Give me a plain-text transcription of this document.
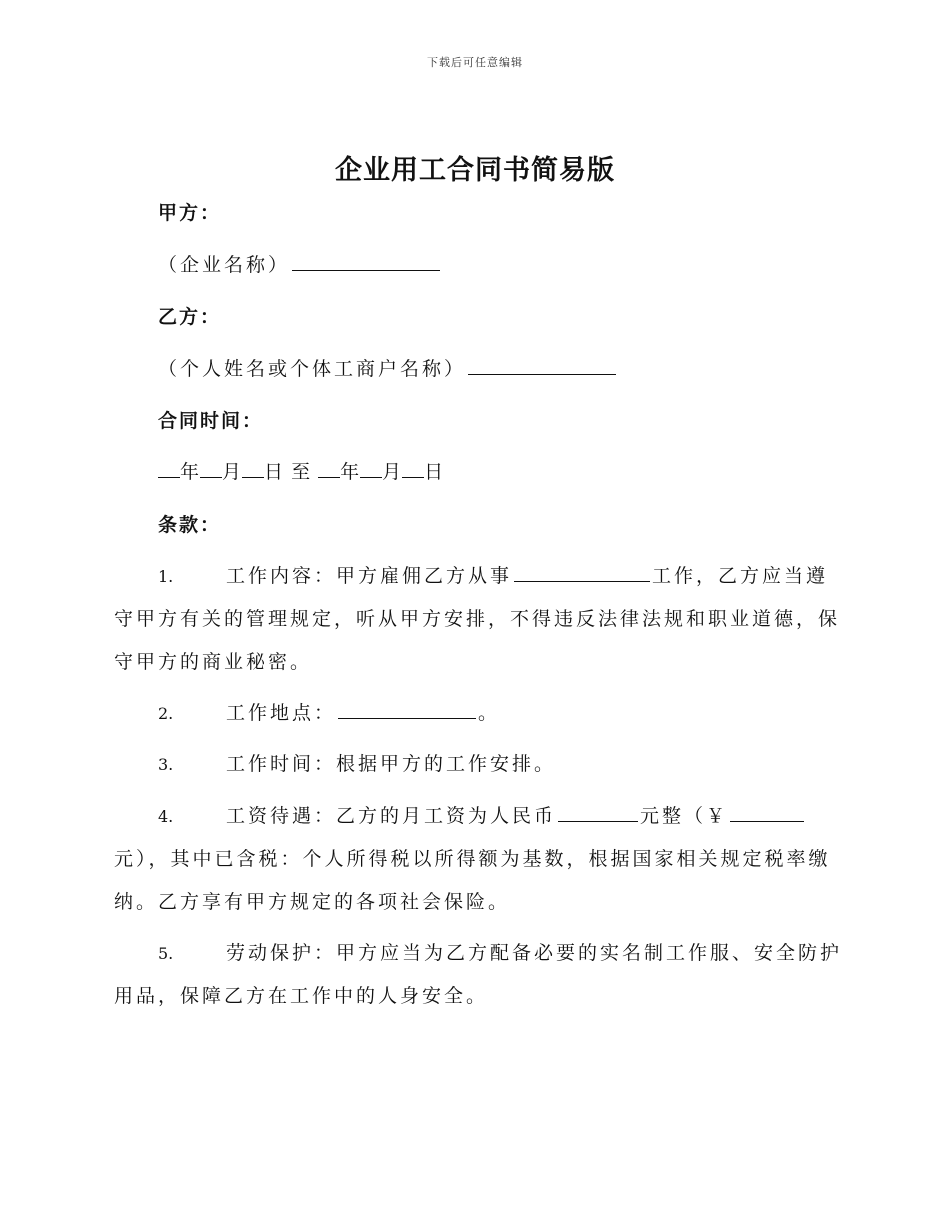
下载后可任意编辑
企业用工合同书简易版
甲方：
（企业名称）
乙方：
（个人姓名或个体工商户名称）
合同时间：
年 月 日 至 年 月 日
条款：
1.	工作内容：甲方雇佣乙方从事	工作，乙方应当遵
守甲方有关的管理规定，听从甲方安排，不得违反法律法规和职业道德，保
守甲方的商业秘密。
2.	工作地点：	。
3.	工作时间：根据甲方的工作安排。
4.	工资待遇：乙方的月工资为人民币	元整（￥
元），其中已含税：个人所得税以所得额为基数，根据国家相关规定税率缴
纳。乙方享有甲方规定的各项社会保险。
5.	劳动保护：甲方应当为乙方配备必要的实名制工作服、安全防护
用品，保障乙方在工作中的人身安全。
